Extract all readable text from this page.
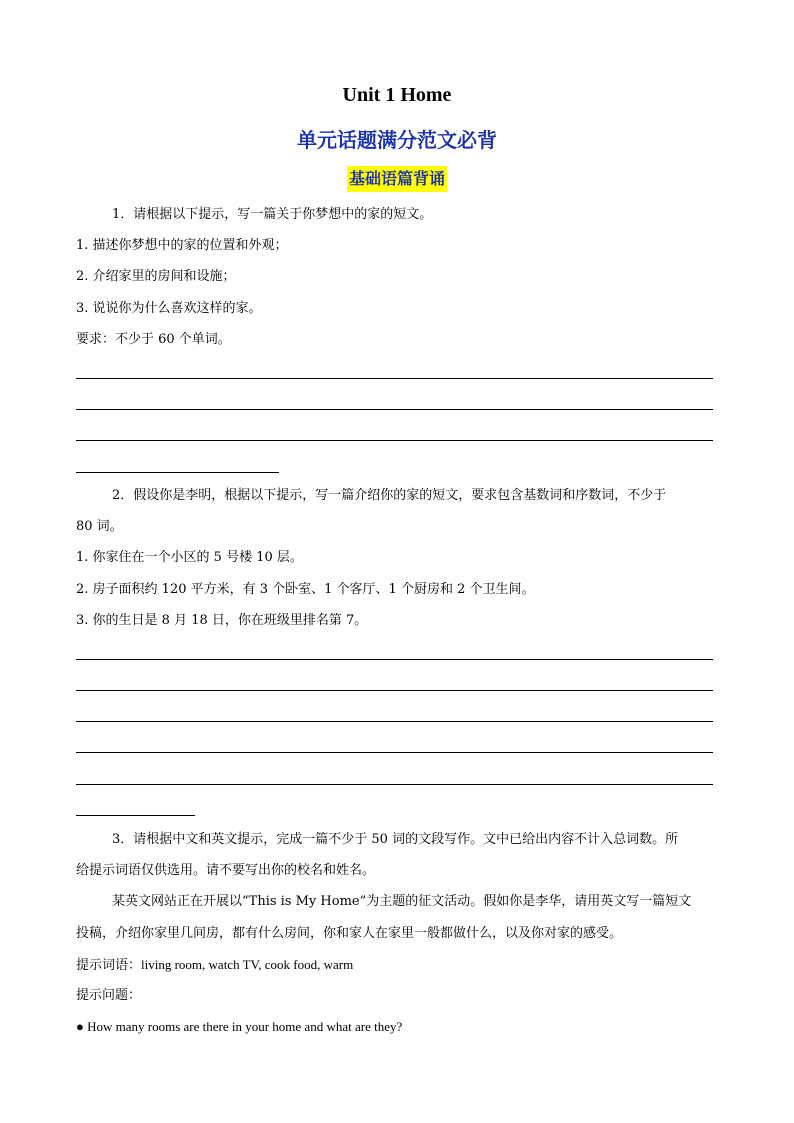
Unit 1 Home
单元话题满分范文必背
基础语篇背诵
1．请根据以下提示，写一篇关于你梦想中的家的短文。
1. 描述你梦想中的家的位置和外观；
2. 介绍家里的房间和设施；
3. 说说你为什么喜欢这样的家。
要求：不少于 60 个单词。
2．假设你是李明，根据以下提示，写一篇介绍你的家的短文，要求包含基数词和序数词，不少于
80 词。
1. 你家住在一个小区的 5 号楼 10 层。
2. 房子面积约 120 平方米，有 3 个卧室、1 个客厅、1 个厨房和 2 个卫生间。
3. 你的生日是 8 月 18 日，你在班级里排名第 7。
3．请根据中文和英文提示，完成一篇不少于 50 词的文段写作。文中已给出内容不计入总词数。所
给提示词语仅供选用。请不要写出你的校名和姓名。
某英文网站正在开展以“This is My Home”为主题的征文活动。假如你是李华，请用英文写一篇短文
投稿，介绍你家里几间房，都有什么房间，你和家人在家里一般都做什么，以及你对家的感受。
提示词语：living room, watch TV, cook food, warm
提示问题：
● How many rooms are there in your home and what are they?
